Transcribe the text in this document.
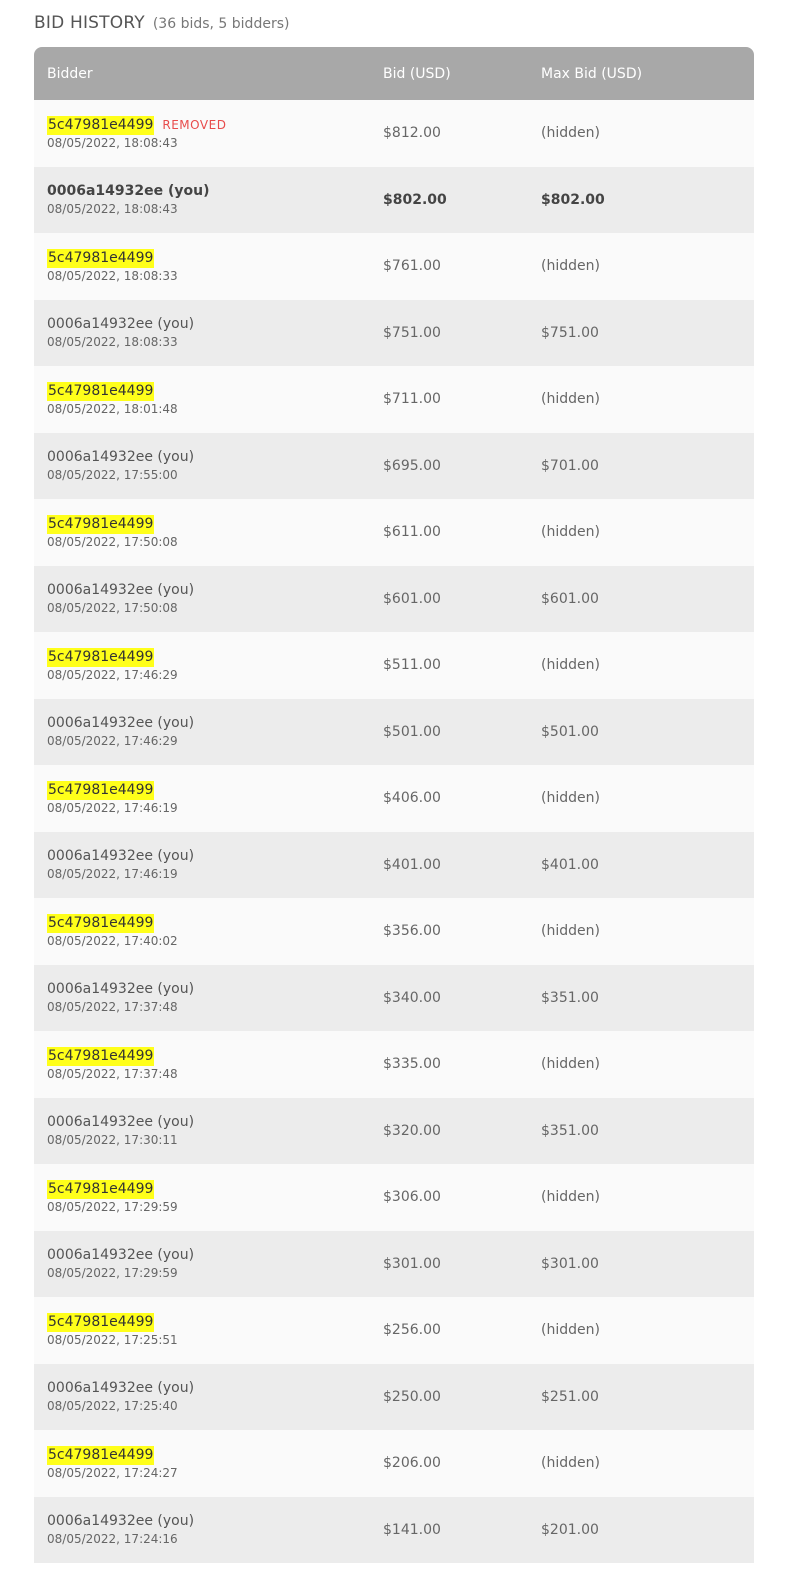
BID HISTORY (36 bids, 5 bidders)
Bidder	Bid (USD)	Max Bid (USD)
5c47981e4499 REMOVED
08/05/2022, 18:08:43
$812.00	(hidden)
0006a14932ee (you)
08/05/2022, 18:08:43
$802.00	$802.00
5c47981e4499
08/05/2022, 18:08:33
$761.00	(hidden)
0006a14932ee (you)
08/05/2022, 18:08:33
$751.00	$751.00
5c47981e4499
08/05/2022, 18:01:48
$711.00	(hidden)
0006a14932ee (you)
08/05/2022, 17:55:00
$695.00	$701.00
5c47981e4499
08/05/2022, 17:50:08
$611.00	(hidden)
0006a14932ee (you)
08/05/2022, 17:50:08
$601.00	$601.00
5c47981e4499
08/05/2022, 17:46:29
$511.00	(hidden)
0006a14932ee (you)
08/05/2022, 17:46:29
$501.00	$501.00
5c47981e4499
08/05/2022, 17:46:19
$406.00	(hidden)
0006a14932ee (you)
08/05/2022, 17:46:19
$401.00	$401.00
5c47981e4499
08/05/2022, 17:40:02
$356.00	(hidden)
0006a14932ee (you)
08/05/2022, 17:37:48
$340.00	$351.00
5c47981e4499
08/05/2022, 17:37:48
$335.00	(hidden)
0006a14932ee (you)
08/05/2022, 17:30:11
$320.00	$351.00
5c47981e4499
08/05/2022, 17:29:59
$306.00	(hidden)
0006a14932ee (you)
08/05/2022, 17:29:59
$301.00	$301.00
5c47981e4499
08/05/2022, 17:25:51
$256.00	(hidden)
0006a14932ee (you)
08/05/2022, 17:25:40
$250.00	$251.00
5c47981e4499
08/05/2022, 17:24:27
$206.00	(hidden)
0006a14932ee (you)
08/05/2022, 17:24:16
$141.00	$201.00
